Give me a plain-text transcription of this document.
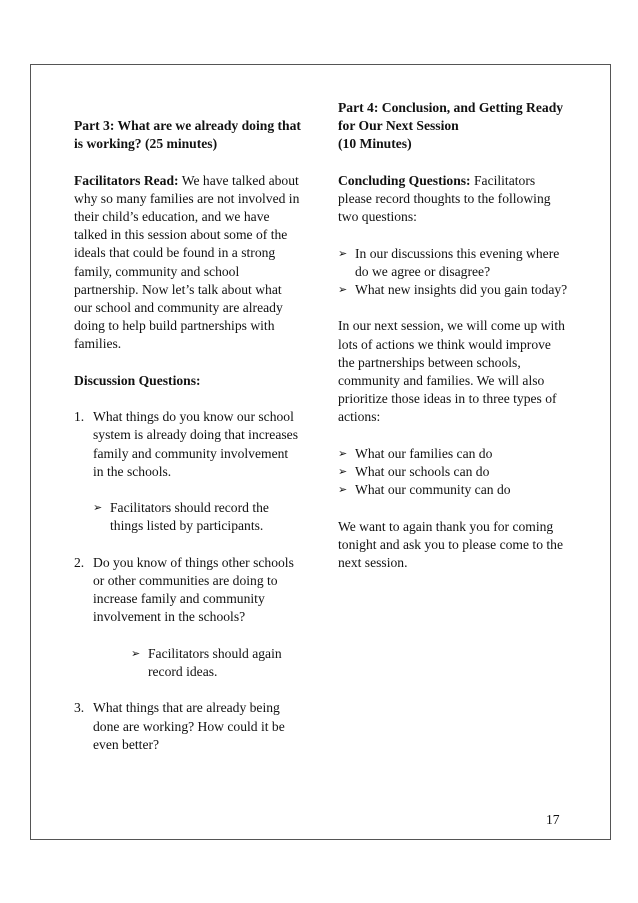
Part 3: What are we already doing that is working? (25 minutes)

Facilitators Read: We have talked about why so many families are not involved in their child’s education, and we have talked in this session about some of the ideals that could be found in a strong family, community and school partnership. Now let’s talk about what our school and community are already doing to help build partnerships with families.

Discussion Questions:

1. What things do you know our school system is already doing that increases family and community involvement in the schools.
➢ Facilitators should record the things listed by participants.
2. Do you know of things other schools or other communities are doing to increase family and community involvement in the schools?
➢ Facilitators should again record ideas.
3. What things that are already being done are working? How could it be even better?

Part 4: Conclusion, and Getting Ready for Our Next Session

(10 Minutes)

Concluding Questions: Facilitators please record thoughts to the following two questions:

➢ In our discussions this evening where do we agree or disagree?
➢ What new insights did you gain today?

In our next session, we will come up with lots of actions we think would improve the partnerships between schools, community and families. We will also prioritize those ideas in to three types of actions:

➢ What our families can do
➢ What our schools can do
➢ What our community can do

We want to again thank you for coming tonight and ask you to please come to the next session.

17
